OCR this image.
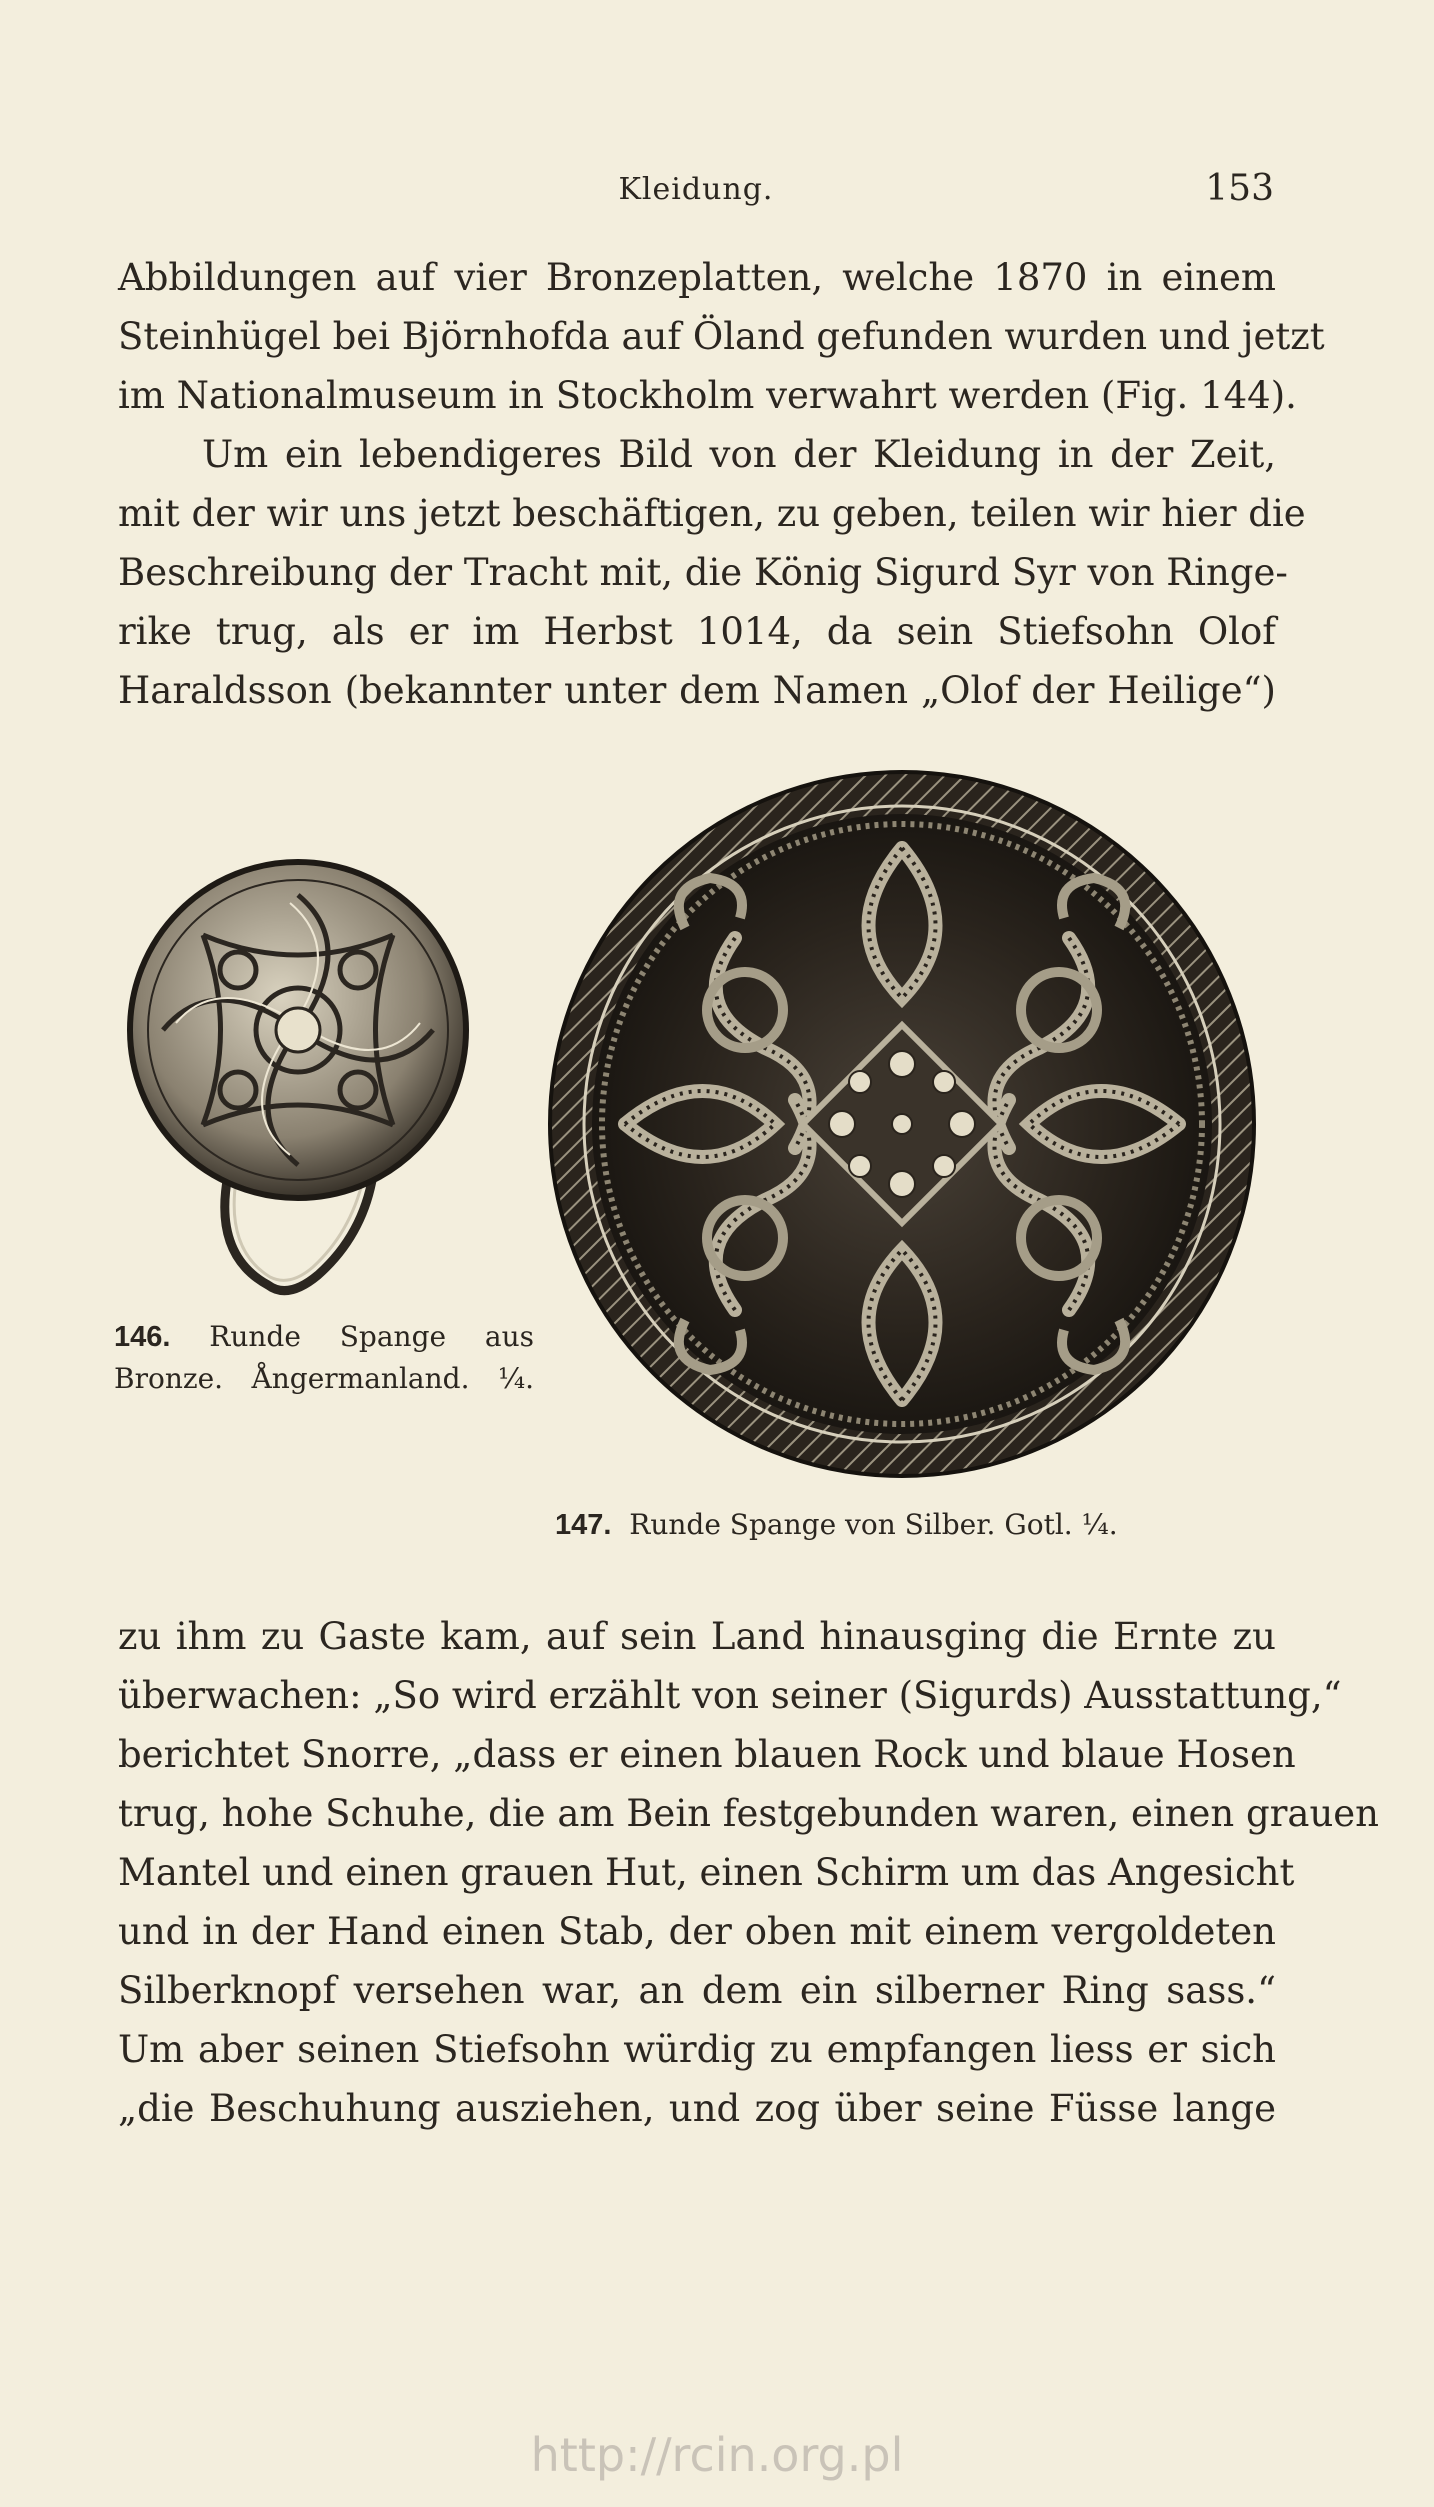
Kleidung.	153
Abbildungen auf vier Bronzeplatten, welche 1870 in einem
Steinhügel bei Björnhofda auf Öland gefunden wurden und jetzt
im Nationalmuseum in Stockholm verwahrt werden (Fig. 144).
Um ein lebendigeres Bild von der Kleidung in der Zeit,
mit der wir uns jetzt beschäftigen, zu geben, teilen wir hier die
Beschreibung der Tracht mit, die König Sigurd Syr von Ringe-
rike trug, als er im Herbst 1014, da sein Stiefsohn Olof
Haraldsson (bekannter unter dem Namen „Olof der Heilige“)
146. Runde Spange aus
Bronze. Ångermanland. ¼.
147. Runde Spange von Silber. Gotl. ¼.
zu ihm zu Gaste kam, auf sein Land hinausging die Ernte zu
überwachen: „So wird erzählt von seiner (Sigurds) Ausstattung,“
berichtet Snorre, „dass er einen blauen Rock und blaue Hosen
trug, hohe Schuhe, die am Bein festgebunden waren, einen grauen
Mantel und einen grauen Hut, einen Schirm um das Angesicht
und in der Hand einen Stab, der oben mit einem vergoldeten
Silberknopf versehen war, an dem ein silberner Ring sass.“
Um aber seinen Stiefsohn würdig zu empfangen liess er sich
„die Beschuhung ausziehen, und zog über seine Füsse lange
http://rcin.org.pl
